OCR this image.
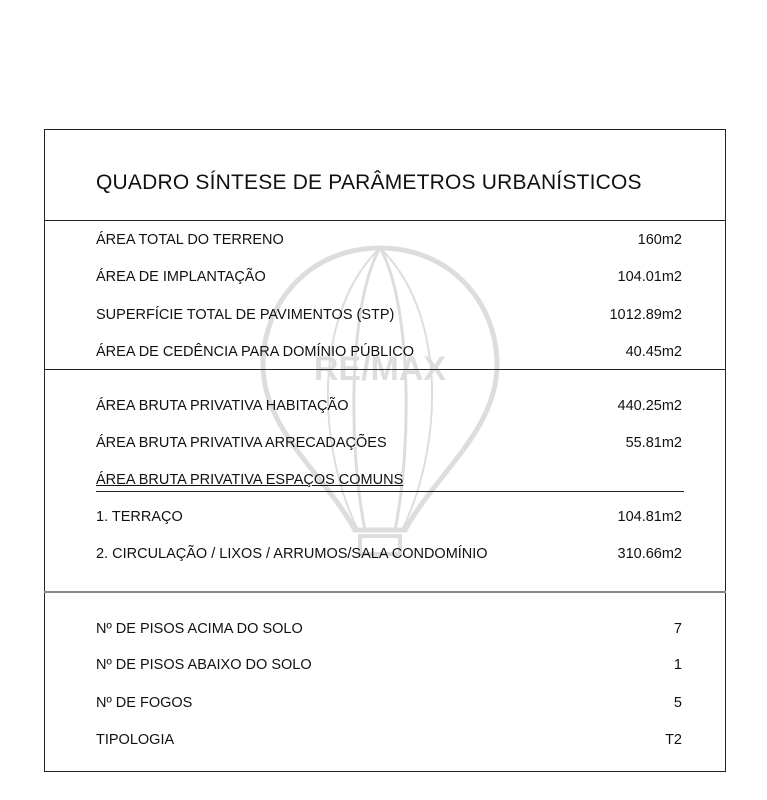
RE/MAX
QUADRO SÍNTESE DE PARÂMETROS URBANÍSTICOS
ÁREA TOTAL DO TERRENO	160m2
ÁREA DE IMPLANTAÇÃO	104.01m2
SUPERFÍCIE TOTAL DE PAVIMENTOS (STP)	1012.89m2
ÁREA DE CEDÊNCIA PARA DOMÍNIO PÚBLICO	40.45m2
ÁREA BRUTA PRIVATIVA HABITAÇÃO	440.25m2
ÁREA BRUTA PRIVATIVA ARRECADAÇÕES	55.81m2
ÁREA BRUTA PRIVATIVA ESPAÇOS COMUNS
1. TERRAÇO	104.81m2
2. CIRCULAÇÃO / LIXOS / ARRUMOS/SALA CONDOMÍNIO	310.66m2
Nº DE PISOS ACIMA DO SOLO	7
Nº DE PISOS ABAIXO DO SOLO	1
Nº DE FOGOS	5
TIPOLOGIA	T2
